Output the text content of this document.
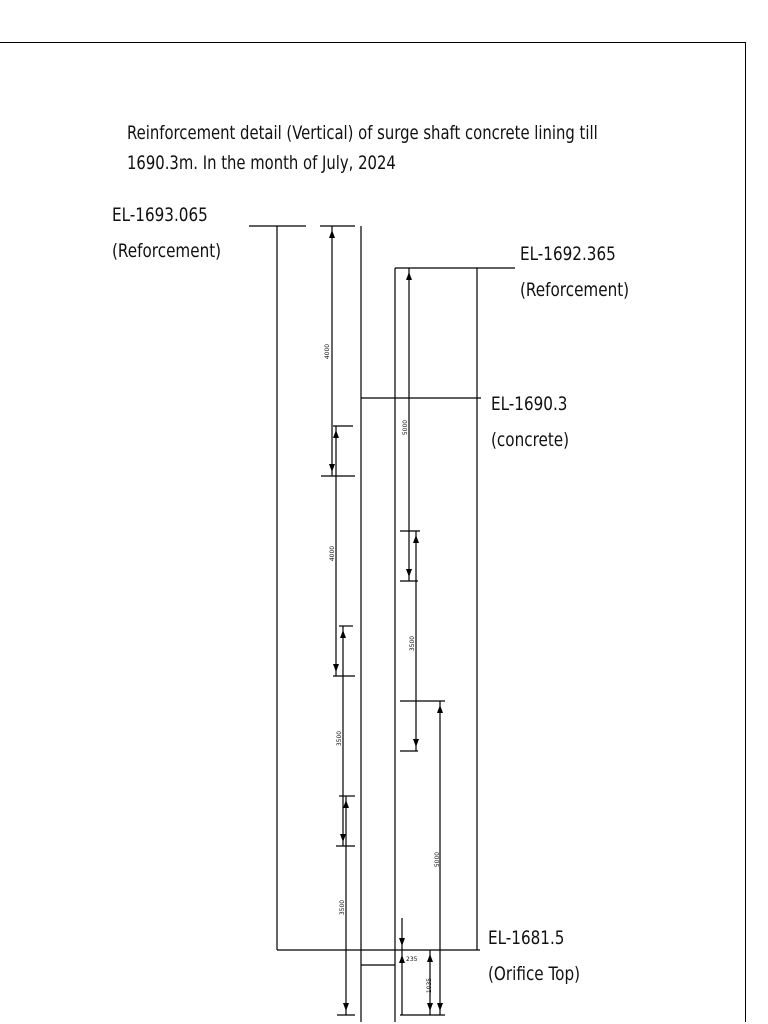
Reinforcement detail (Vertical) of surge shaft concrete lining till
1690.3m. In the month of July, 2024
EL-1693.065
(Reforcement)	EL-1692.365
(Reforcement)
EL-1690.3
(concrete)
EL-1681.5
(Orifice Top)
4000
4000
3500
3500
5000
3500
5000
235
1035
